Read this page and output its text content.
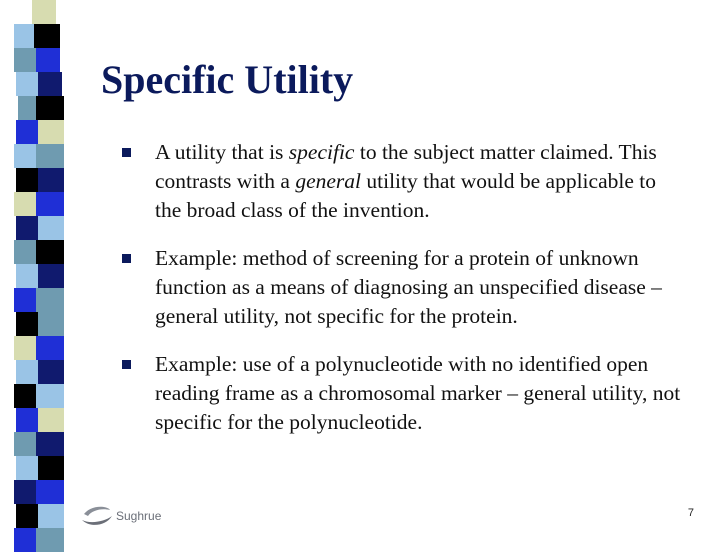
Specific Utility
A utility that is specific to the subject matter claimed. This contrasts with a general utility that would be applicable to the broad class of the invention.
Example: method of screening for a protein of unknown function as a means of diagnosing an unspecified disease – general utility, not specific for the protein.
Example: use of a polynucleotide with no identified open reading frame as a chromosomal marker – general utility, not specific for the polynucleotide.
Sughrue	7
